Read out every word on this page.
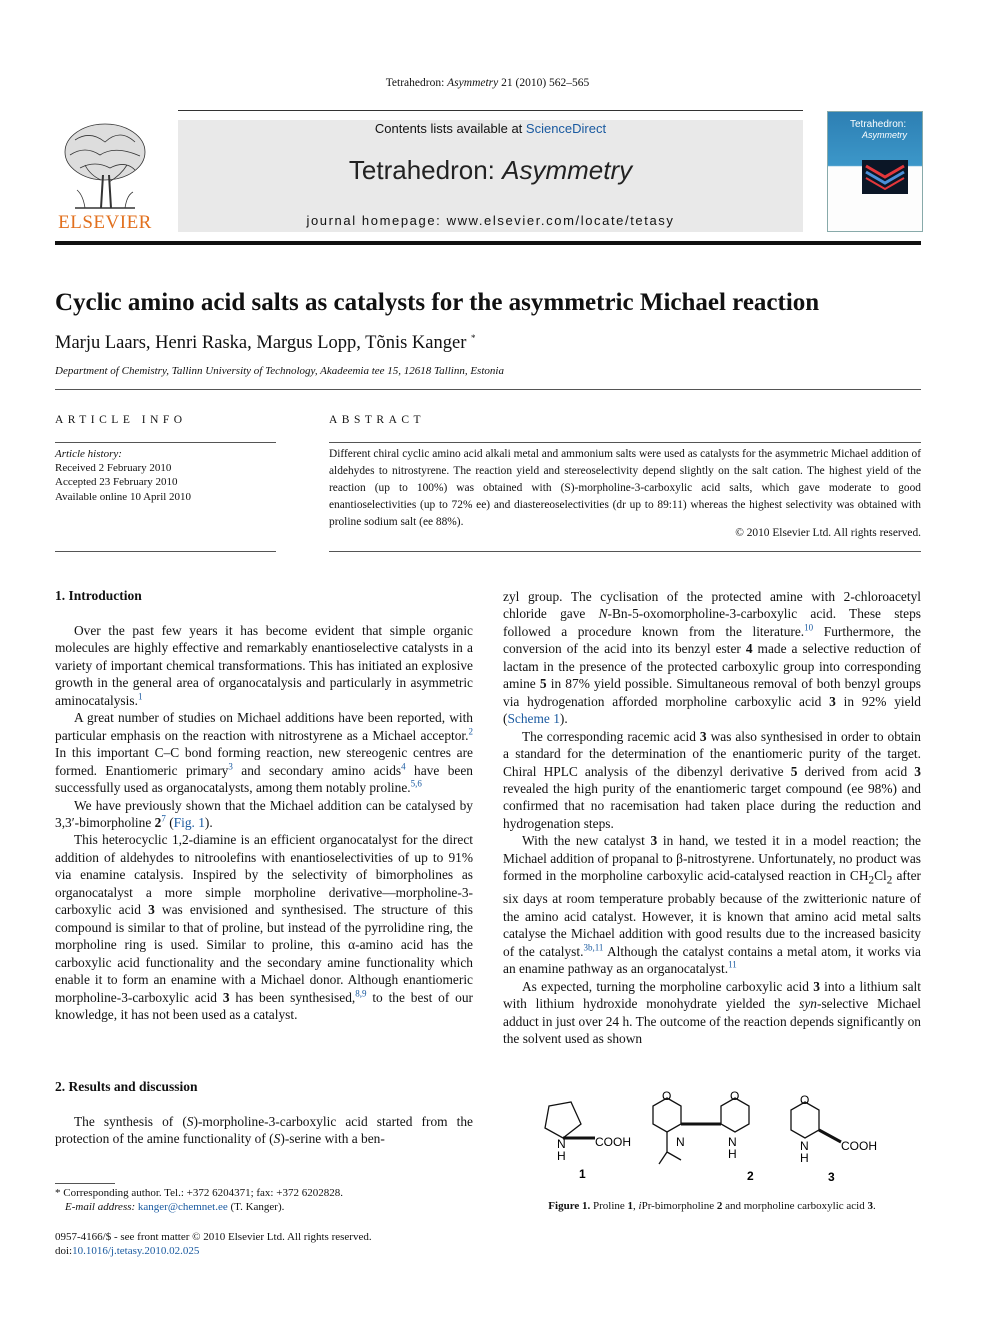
Tetrahedron: Asymmetry 21 (2010) 562–565
ELSEVIER
Contents lists available at ScienceDirect
Tetrahedron: Asymmetry
journal homepage: www.elsevier.com/locate/tetasy
Tetrahedron:
Asymmetry
Cyclic amino acid salts as catalysts for the asymmetric Michael reaction
Marju Laars, Henri Raska, Margus Lopp, Tõnis Kanger *
Department of Chemistry, Tallinn University of Technology, Akadeemia tee 15, 12618 Tallinn, Estonia
ARTICLE INFO	ABSTRACT
Article history:
Received 2 February 2010
Accepted 23 February 2010
Available online 10 April 2010
Different chiral cyclic amino acid alkali metal and ammonium salts were used as catalysts for the asymmetric Michael addition of aldehydes to nitrostyrene. The reaction yield and stereoselectivity depend slightly on the salt cation. The highest yield of the reaction (up to 100%) was obtained with (S)-morpholine-3-carboxylic acid salts, which gave moderate to good enantioselectivities (up to 72% ee) and diastereoselectivities (dr up to 89:11) whereas the highest selectivity was obtained with proline sodium salt (ee 88%).
© 2010 Elsevier Ltd. All rights reserved.
1. Introduction

Over the past few years it has become evident that simple organic molecules are highly effective and remarkably enantioselective catalysts in a variety of important chemical transformations. This has initiated an explosive growth in the general area of organocatalysis and particularly in asymmetric aminocatalysis.$^1$

A great number of studies on Michael additions have been reported, with particular emphasis on the reaction with nitrostyrene as a Michael acceptor.$^2$ In this important C–C bond forming reaction, new stereogenic centres are formed. Enantiomeric primary$^3$ and secondary amino acids$^4$ have been successfully used as organocatalysts, among them notably proline.$^{5,6}$

We have previously shown that the Michael addition can be catalysed by 3,3′-bimorpholine 2$^7$ (Fig. 1).

This heterocyclic 1,2-diamine is an efficient organocatalyst for the direct addition of aldehydes to nitroolefins with enantioselectivities of up to 91% via enamine catalysis. Inspired by the selectivity of bimorpholines as organocatalyst a more simple morpholine derivative—morpholine-3-carboxylic acid 3 was envisioned and synthesised. The structure of this compound is similar to that of proline, but instead of the pyrrolidine ring, the morpholine ring is used. Similar to proline, this α-amino acid has the carboxylic acid functionality and the secondary amine functionality which enable it to form an enamine with a Michael donor. Although enantiomeric morpholine-3-carboxylic acid 3 has been synthesised,$^{8,9}$ to the best of our knowledge, it has not been used as a catalyst.

2. Results and discussion

The synthesis of (S)-morpholine-3-carboxylic acid started from the protection of the amine functionality of (S)-serine with a ben-

zyl group. The cyclisation of the protected amine with 2-chloroacetyl chloride gave N-Bn-5-oxomorpholine-3-carboxylic acid. These steps followed a procedure known from the literature.$^{10}$ Furthermore, the conversion of the acid into its benzyl ester 4 made a selective reduction of lactam in the presence of the protected carboxylic group into corresponding amine 5 in 87% yield possible. Simultaneous removal of both benzyl groups via hydrogenation afforded morpholine carboxylic acid 3 in 92% yield (Scheme 1).

The corresponding racemic acid 3 was also synthesised in order to obtain a standard for the determination of the enantiomeric purity of the target. Chiral HPLC analysis of the dibenzyl derivative 5 derived from acid 3 revealed the high purity of the enantiomeric target compound (ee 98%) and confirmed that no racemisation had taken place during the reduction and hydrogenation steps.

With the new catalyst 3 in hand, we tested it in a model reaction; the Michael addition of propanal to β-nitrostyrene. Unfortunately, no product was formed in the morpholine carboxylic acid-catalysed reaction in $CH_2Cl_2$ after six days at room temperature probably because of the zwitterionic nature of the amino acid catalyst. However, it is known that amino acid metal salts catalyse the Michael addition with good results due to the increased basicity of the catalyst.$^{3b,11}$ Although the catalyst contains a metal atom, it works via an enamine pathway as an organocatalyst.$^{11}$

As expected, turning the morpholine carboxylic acid 3 into a lithium salt with lithium hydroxide monohydrate yielded the syn-selective Michael adduct in just over 24 h. The outcome of the reaction depends significantly on the solvent used as shown

N
H
COOH
1
O	O
N	N
H
2
O
N
H
COOH
3
Figure 1. Proline 1, iPr-bimorpholine 2 and morpholine carboxylic acid 3.
* Corresponding author. Tel.: +372 6204371; fax: +372 6202828.
E-mail address: kanger@chemnet.ee (T. Kanger).
0957-4166/$ - see front matter © 2010 Elsevier Ltd. All rights reserved.
doi:10.1016/j.tetasy.2010.02.025
